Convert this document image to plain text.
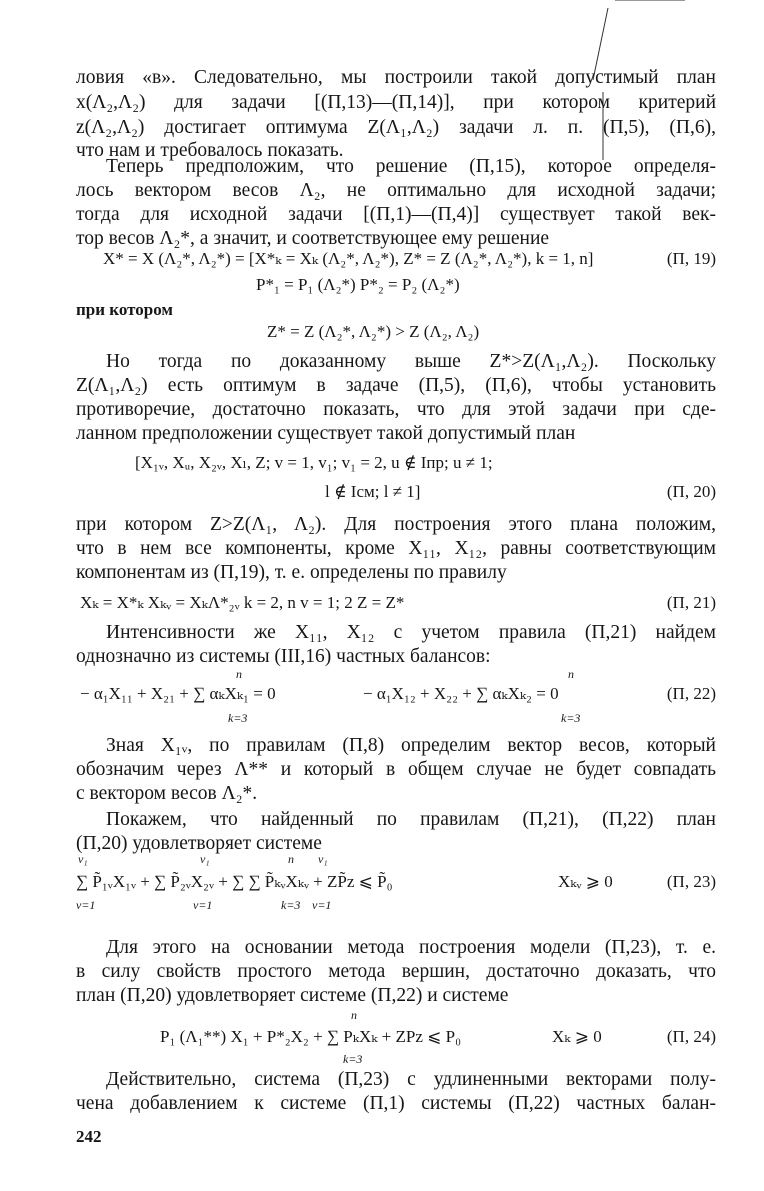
ловия «в». Следовательно, мы построили такой допустимый план
x(Λ₂,Λ₂) для задачи [(П,13)—(П,14)], при котором критерий
z(Λ₂,Λ₂) достигает оптимума Z(Λ₁,Λ₂) задачи л. п. (П,5), (П,6),
что нам и требовалось показать.
Теперь предположим, что решение (П,15), которое определя-
лось вектором весов Λ₂, не оптимально для исходной задачи;
тогда для исходной задачи [(П,1)—(П,4)] существует такой век-
тор весов Λ₂*, а значит, и соответствующее ему решение
X* = X (Λ₂*, Λ₂*) = [X*ₖ = Xₖ (Λ₂*, Λ₂*), Z* = Z (Λ₂*, Λ₂*), k = 1, n]	(П, 19)
P*₁ = P₁ (Λ₂*) P*₂ = P₂ (Λ₂*)
при котором
Z* = Z (Λ₂*, Λ₂*) > Z (Λ₂, Λ₂)
Но тогда по доказанному выше Z*>Z(Λ₁,Λ₂). Поскольку
Z(Λ₁,Λ₂) есть оптимум в задаче (П,5), (П,6), чтобы установить
противоречие, достаточно показать, что для этой задачи при сде-
ланном предположении существует такой допустимый план
[X₁ᵥ, Xᵤ, X₂ᵥ, Xₗ, Z; v = 1, v₁; v₁ = 2, u ∉ Iпр; u ≠ 1;
l ∉ Iсм; l ≠ 1]	(П, 20)
при котором Z>Z(Λ₁, Λ₂). Для построения этого плана положим,
что в нем все компоненты, кроме X₁₁, X₁₂, равны соответствующим
компонентам из (П,19), т. е. определены по правилу
Xₖ = X*ₖ Xₖᵥ = XₖΛ*₂ᵥ k = 2, n v = 1; 2 Z = Z*	(П, 21)
Интенсивности же X₁₁, X₁₂ с учетом правила (П,21) найдем
однозначно из системы (III,16) частных балансов:
n	n
− α₁X₁₁ + X₂₁ + ∑ αₖXₖ₁ = 0	− α₁X₁₂ + X₂₂ + ∑ αₖXₖ₂ = 0	(П, 22)
k=3	k=3
Зная X₁ᵥ, по правилам (П,8) определим вектор весов, который
обозначим через Λ** и который в общем случае не будет совпадать
с вектором весов Λ₂*.
Покажем, что найденный по правилам (П,21), (П,22) план
(П,20) удовлетворяет системе
v₁	v₁	n v₁
∑ P̃₁ᵥX₁ᵥ + ∑ P̃₂ᵥX₂ᵥ + ∑ ∑ P̃ₖᵥXₖᵥ + ZP̃z ⩽ P̃₀	Xₖᵥ ⩾ 0	(П, 23)
v=1	v=1	k=3 v=1
Для этого на основании метода построения модели (П,23), т. е.
в силу свойств простого метода вершин, достаточно доказать, что
план (П,20) удовлетворяет системе (П,22) и системе
n
P₁ (Λ₁**) X₁ + P*₂X₂ + ∑ PₖXₖ + ZPz ⩽ P₀	Xₖ ⩾ 0	(П, 24)
k=3
Действительно, система (П,23) с удлиненными векторами полу-
чена добавлением к системе (П,1) системы (П,22) частных балан-
242
